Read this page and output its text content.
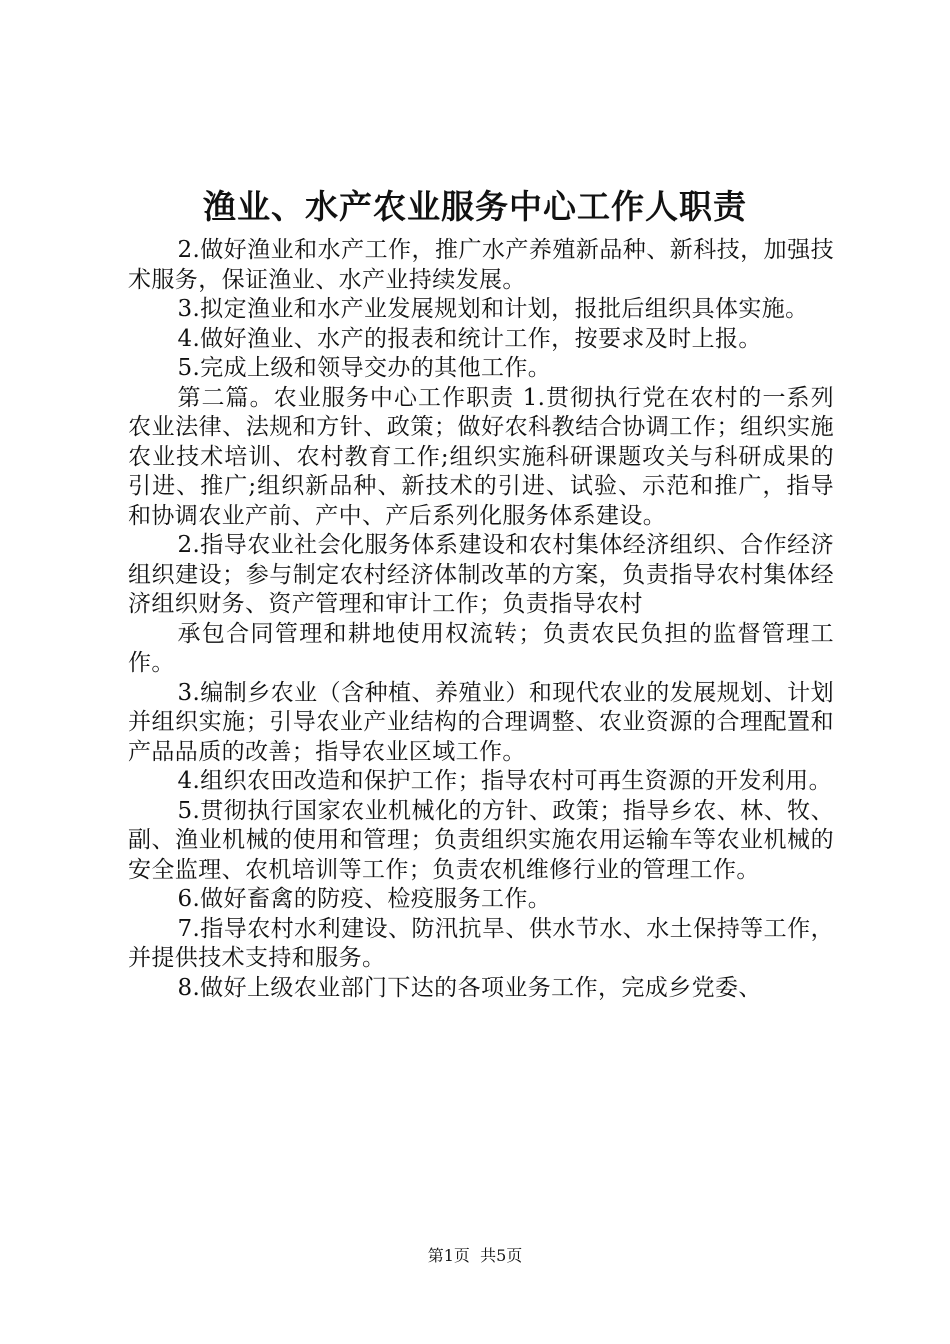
渔业、水产农业服务中心工作人职责

2.做好渔业和水产工作，推广水产养殖新品种、新科技，加强技术服务，保证渔业、水产业持续发展。

3.拟定渔业和水产业发展规划和计划，报批后组织具体实施。

4.做好渔业、水产的报表和统计工作，按要求及时上报。

5.完成上级和领导交办的其他工作。

第二篇。农业服务中心工作职责 1.贯彻执行党在农村的一系列农业法律、法规和方针、政策；做好农科教结合协调工作；组织实施农业技术培训、农村教育工作;组织实施科研课题攻关与科研成果的引进、推广;组织新品种、新技术的引进、试验、示范和推广，指导和协调农业产前、产中、产后系列化服务体系建设。

2.指导农业社会化服务体系建设和农村集体经济组织、合作经济组织建设；参与制定农村经济体制改革的方案，负责指导农村集体经济组织财务、资产管理和审计工作；负责指导农村

承包合同管理和耕地使用权流转；负责农民负担的监督管理工作。

3.编制乡农业（含种植、养殖业）和现代农业的发展规划、计划并组织实施；引导农业产业结构的合理调整、农业资源的合理配置和产品品质的改善；指导农业区域工作。

4.组织农田改造和保护工作；指导农村可再生资源的开发利用。

5.贯彻执行国家农业机械化的方针、政策；指导乡农、林、牧、副、渔业机械的使用和管理；负责组织实施农用运输车等农业机械的安全监理、农机培训等工作；负责农机维修行业的管理工作。

6.做好畜禽的防疫、检疫服务工作。

7.指导农村水利建设、防汛抗旱、供水节水、水土保持等工作，并提供技术支持和服务。

8.做好上级农业部门下达的各项业务工作，完成乡党委、

第1页 共5页
